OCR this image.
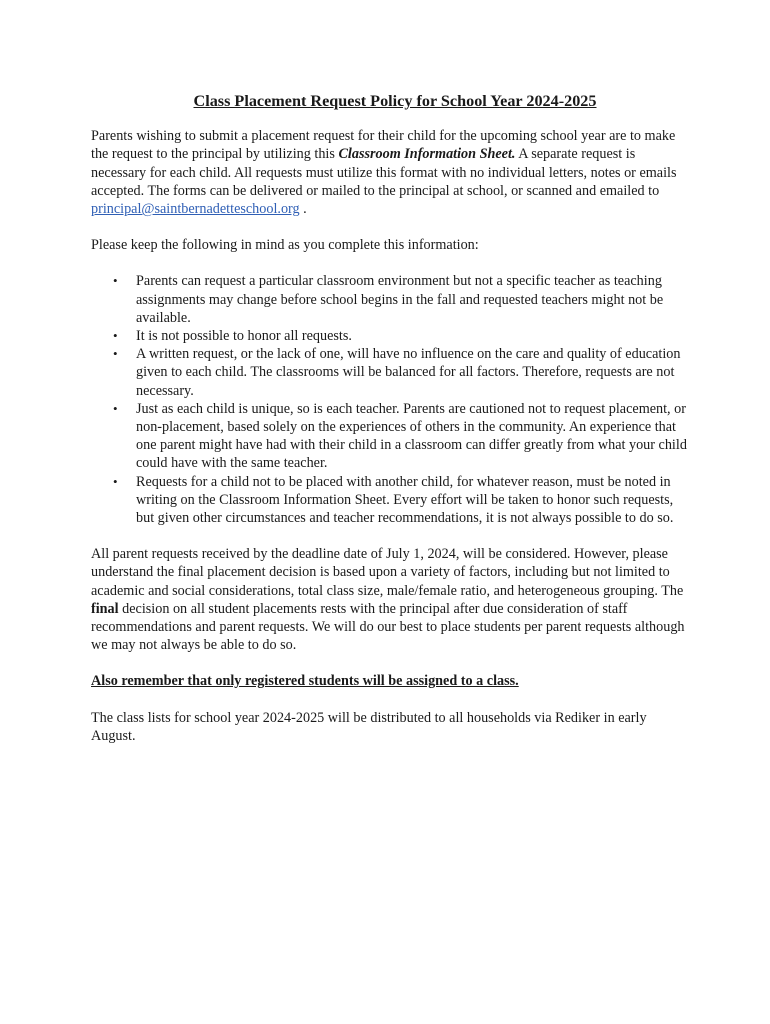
Class Placement Request Policy for School Year 2024-2025

Parents wishing to submit a placement request for their child for the upcoming school year are to make the request to the principal by utilizing this Classroom Information Sheet. A separate request is necessary for each child. All requests must utilize this format with no individual letters, notes or emails accepted. The forms can be delivered or mailed to the principal at school, or scanned and emailed to principal@saintbernadetteschool.org .

Please keep the following in mind as you complete this information:

• Parents can request a particular classroom environment but not a specific teacher as teaching assignments may change before school begins in the fall and requested teachers might not be available.
• It is not possible to honor all requests.
• A written request, or the lack of one, will have no influence on the care and quality of education given to each child. The classrooms will be balanced for all factors. Therefore, requests are not necessary.
• Just as each child is unique, so is each teacher. Parents are cautioned not to request placement, or non-placement, based solely on the experiences of others in the community. An experience that one parent might have had with their child in a classroom can differ greatly from what your child could have with the same teacher.
• Requests for a child not to be placed with another child, for whatever reason, must be noted in writing on the Classroom Information Sheet. Every effort will be taken to honor such requests, but given other circumstances and teacher recommendations, it is not always possible to do so.

All parent requests received by the deadline date of July 1, 2024, will be considered. However, please understand the final placement decision is based upon a variety of factors, including but not limited to academic and social considerations, total class size, male/female ratio, and heterogeneous grouping. The final decision on all student placements rests with the principal after due consideration of staff recommendations and parent requests. We will do our best to place students per parent requests although we may not always be able to do so.

Also remember that only registered students will be assigned to a class.

The class lists for school year 2024-2025 will be distributed to all households via Rediker in early August.
